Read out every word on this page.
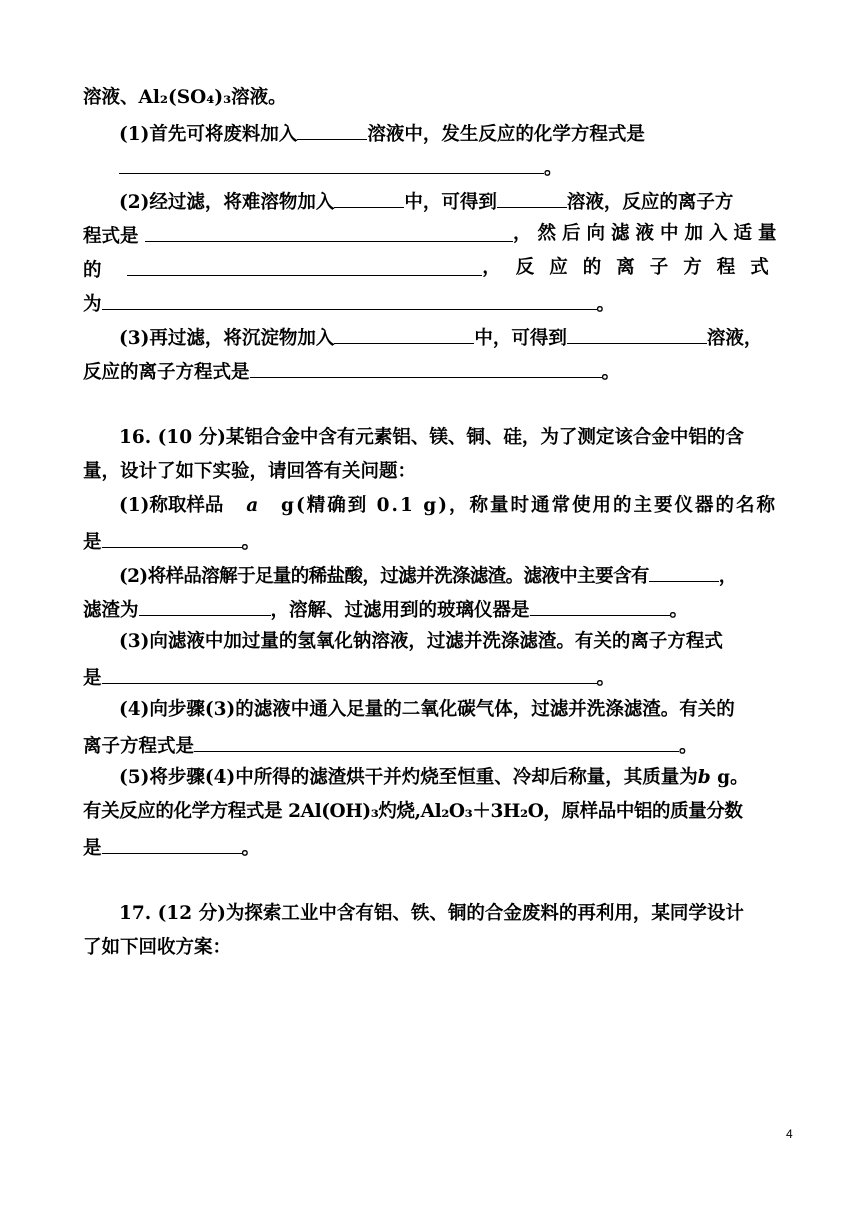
溶液、Al₂(SO₄)₃溶液。
(1)首先可将废料加入	溶液中，发生反应的化学方程式是
。
(2)经过滤，将难溶物加入	中，可得到	溶液，反应的离子方
程式是	，然后向滤液中加入适量
的	，反应的离子方程式
为	。
(3)再过滤，将沉淀物加入	中，可得到	溶液，
反应的离子方程式是	。
16. (10 分)某铝合金中含有元素铝、镁、铜、硅，为了测定该合金中铝的含
量，设计了如下实验，请回答有关问题：
(1)称取样品 a g(精确到 0.1 g)，称量时通常使用的主要仪器的名称
是	。
(2)将样品溶解于足量的稀盐酸，过滤并洗涤滤渣。滤液中主要含有	，
滤渣为	，溶解、过滤用到的玻璃仪器是	。
(3)向滤液中加过量的氢氧化钠溶液，过滤并洗涤滤渣。有关的离子方程式
是	。
(4)向步骤(3)的滤液中通入足量的二氧化碳气体，过滤并洗涤滤渣。有关的
离子方程式是	。
(5)将步骤(4)中所得的滤渣烘干并灼烧至恒重、冷却后称量，其质量为b g。
有关反应的化学方程式是 2Al(OH)₃灼烧,Al₂O₃＋3H₂O，原样品中铝的质量分数
是	。
17. (12 分)为探索工业中含有铝、铁、铜的合金废料的再利用，某同学设计
了如下回收方案：
4
